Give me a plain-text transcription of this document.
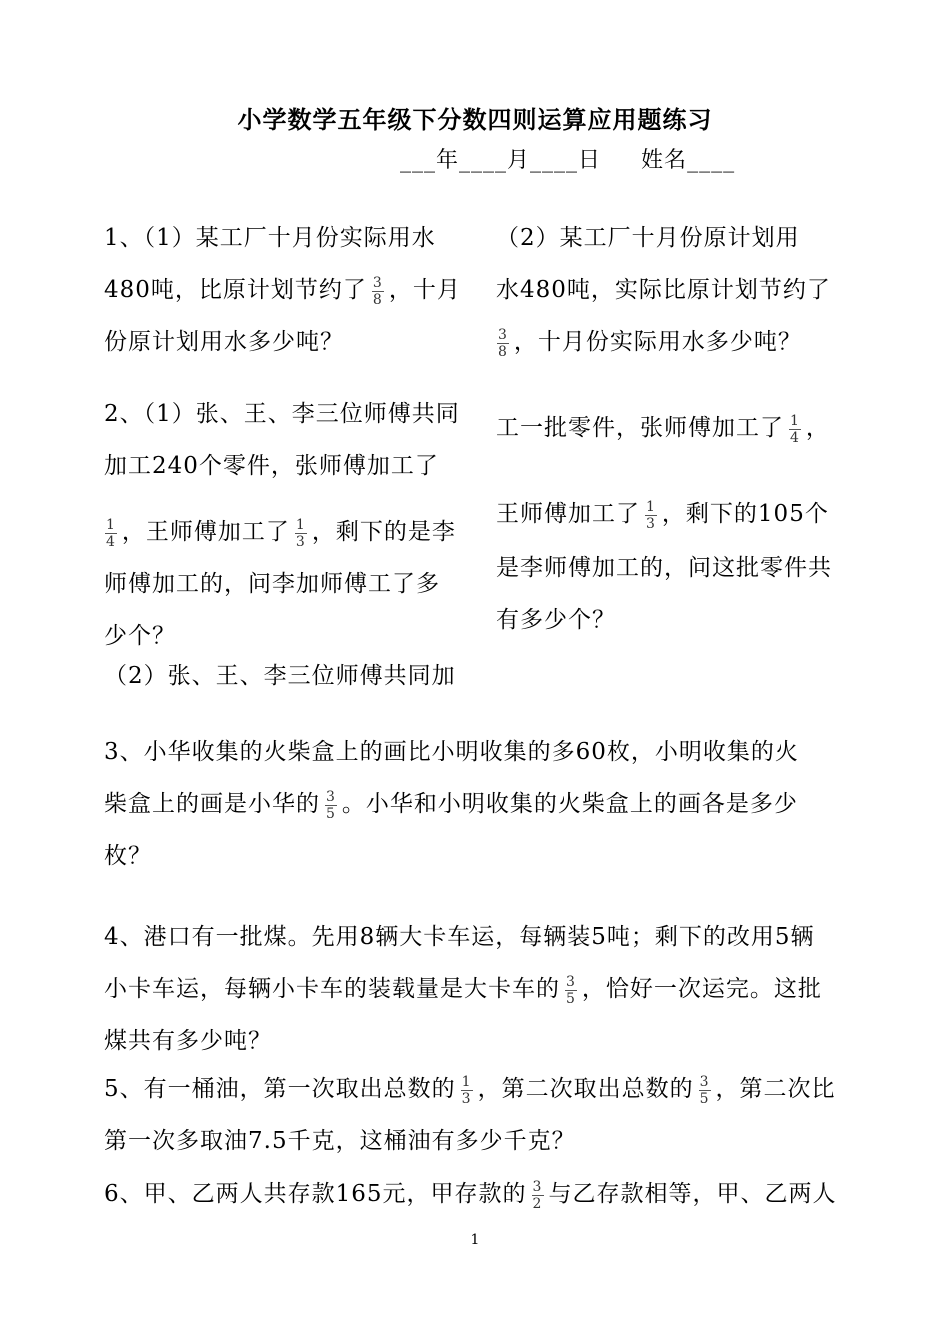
小学数学五年级下分数四则运算应用题练习
___年____月____日 姓名____
1、（1）某工厂十月份实际用水
480吨，比原计划节约了 $\frac{3}{8}$ ，十月
份原计划用水多少吨？
（2）某工厂十月份原计划用
水480吨，实际比原计划节约了
$\frac{3}{8}$ ，十月份实际用水多少吨？
2、（1）张、王、李三位师傅共同
加工240个零件，张师傅加工了
$\frac{1}{4}$ ，王师傅加工了 $\frac{1}{3}$ ，剩下的是李
师傅加工的，问李加师傅工了多
少个？
（2）张、王、李三位师傅共同加
工一批零件，张师傅加工了 $\frac{1}{4}$ ，
王师傅加工了 $\frac{1}{3}$ ，剩下的105个
是李师傅加工的，问这批零件共
有多少个？
3、小华收集的火柴盒上的画比小明收集的多60枚，小明收集的火
柴盒上的画是小华的 $\frac{3}{5}$ 。小华和小明收集的火柴盒上的画各是多少
枚？
4、港口有一批煤。先用8辆大卡车运，每辆装5吨；剩下的改用5辆
小卡车运，每辆小卡车的装载量是大卡车的 $\frac{3}{5}$ ，恰好一次运完。这批
煤共有多少吨？
5、有一桶油，第一次取出总数的 $\frac{1}{3}$ ，第二次取出总数的 $\frac{3}{5}$ ，第二次比
第一次多取油7.5千克，这桶油有多少千克？
6、甲、乙两人共存款165元，甲存款的 $\frac{3}{2}$ 与乙存款相等，甲、乙两人
1
